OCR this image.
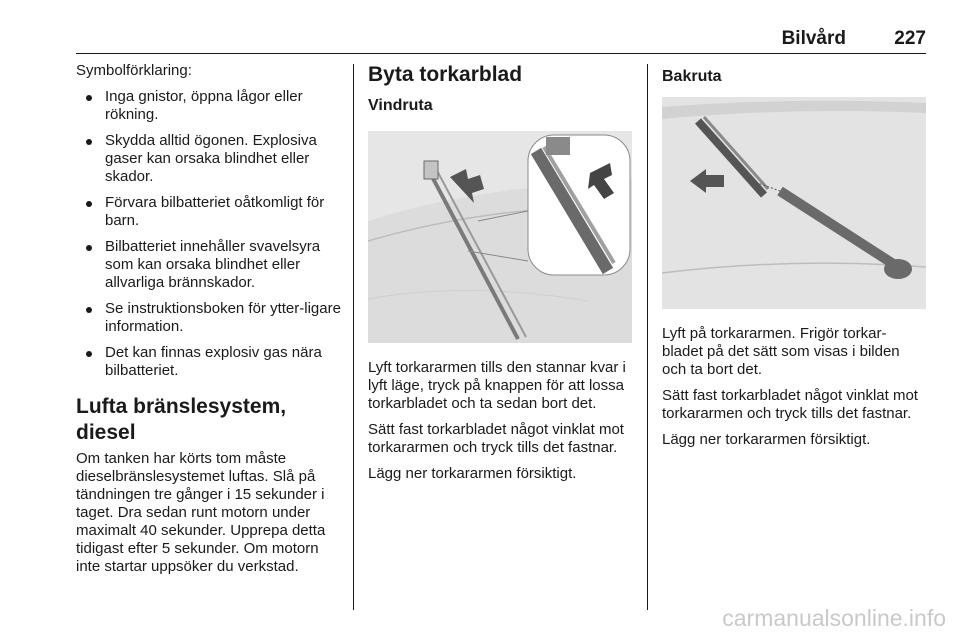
Bilvård	227

Symbolförklaring:

Inga gnistor, öppna lågor eller rökning.
Skydda alltid ögonen. Explosiva gaser kan orsaka blindhet eller skador.
Förvara bilbatteriet oåtkomligt för barn.
Bilbatteriet innehåller svavelsyra som kan orsaka blindhet eller allvarliga brännskador.
Se instruktionsboken för ytter-ligare information.
Det kan finnas explosiv gas nära bilbatteriet.
Lufta bränslesystem, diesel

Om tanken har körts tom måste dieselbränslesystemet luftas. Slå på tändningen tre gånger i 15 sekunder i taget. Dra sedan runt motorn under maximalt 40 sekunder. Upprepa detta tidigast efter 5 sekunder. Om motorn inte startar uppsöker du verkstad.

Byta torkarblad
Vindruta

Lyft torkararmen tills den stannar kvar i lyft läge, tryck på knappen för att lossa torkarbladet och ta sedan bort det.

Sätt fast torkarbladet något vinklat mot torkararmen och tryck tills det fastnar.

Lägg ner torkararmen försiktigt.

Bakruta

Lyft på torkararmen. Frigör torkar-bladet på det sätt som visas i bilden och ta bort det.

Sätt fast torkarbladet något vinklat mot torkararmen och tryck tills det fastnar.

Lägg ner torkararmen försiktigt.

carmanualsonline.info
